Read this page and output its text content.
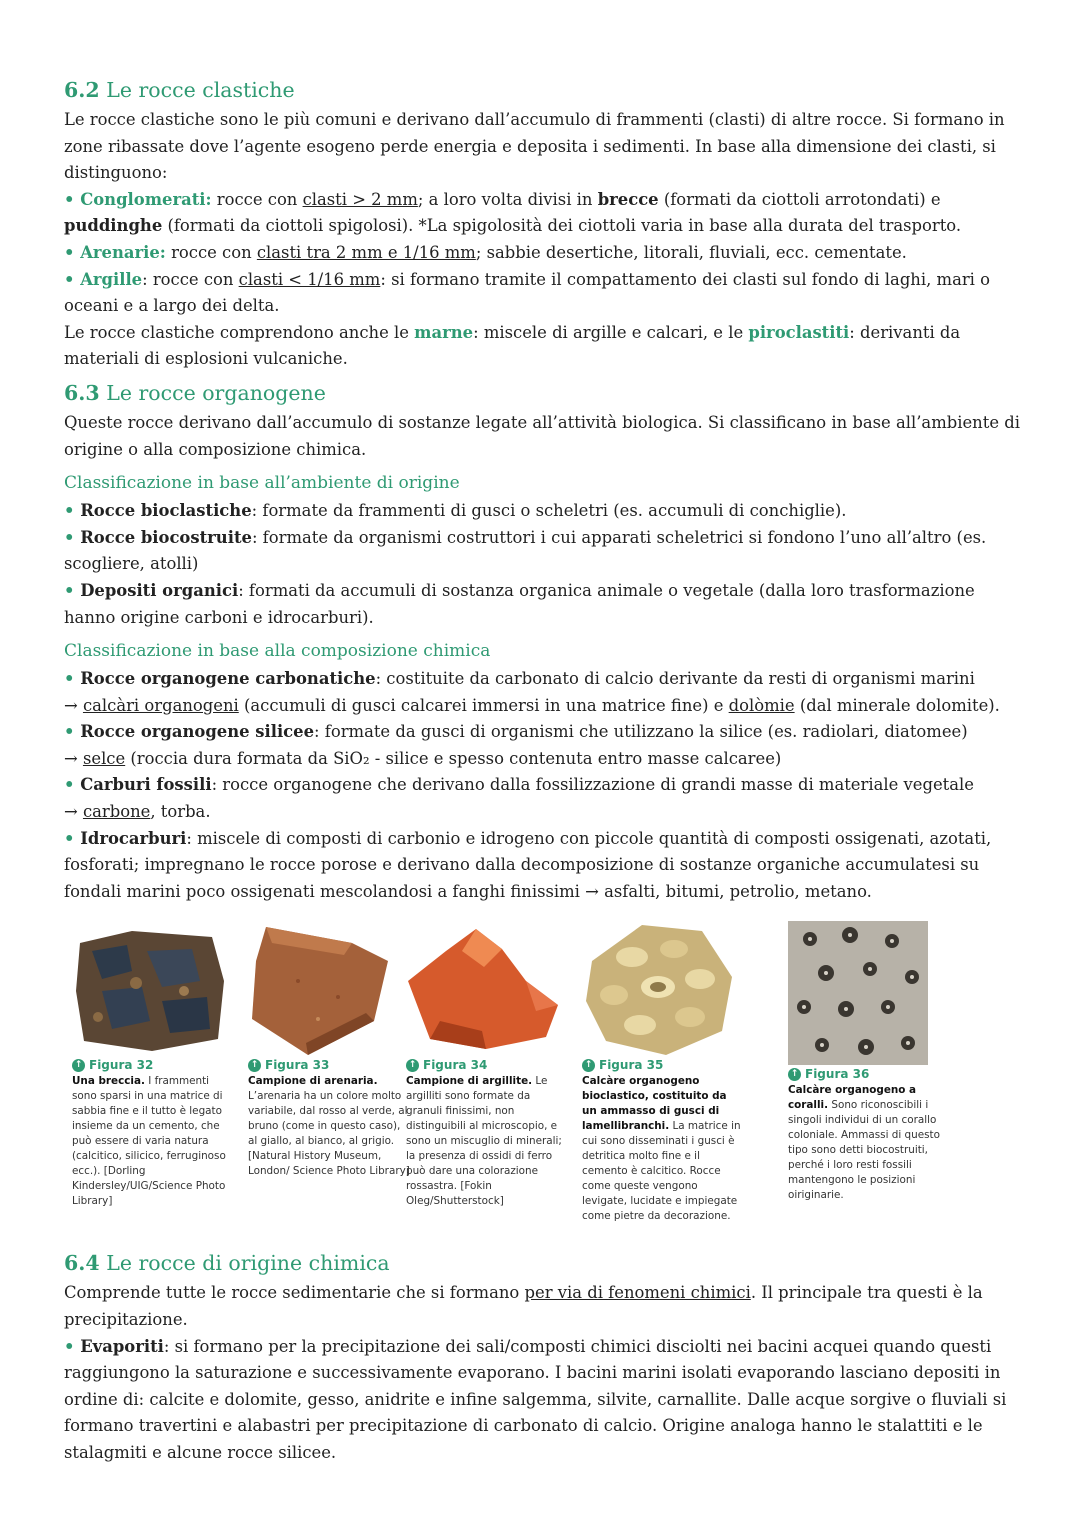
6.2 Le rocce clastiche

Le rocce clastiche sono le più comuni e derivano dall’accumulo di frammenti (clasti) di altre rocce. Si formano in zone ribassate dove l’agente esogeno perde energia e deposita i sedimenti. In base alla dimensione dei clasti, si distinguono:

• Conglomerati: rocce con clasti > 2 mm; a loro volta divisi in brecce (formati da ciottoli arrotondati) e puddinghe (formati da ciottoli spigolosi). *La spigolosità dei ciottoli varia in base alla durata del trasporto.

• Arenarie: rocce con clasti tra 2 mm e 1/16 mm; sabbie desertiche, litorali, fluviali, ecc. cementate.

• Argille: rocce con clasti < 1/16 mm: si formano tramite il compattamento dei clasti sul fondo di laghi, mari o oceani e a largo dei delta.

Le rocce clastiche comprendono anche le marne: miscele di argille e calcari, e le piroclastiti: derivanti da materiali di esplosioni vulcaniche.

6.3 Le rocce organogene

Queste rocce derivano dall’accumulo di sostanze legate all’attività biologica. Si classificano in base all’ambiente di origine o alla composizione chimica.

Classificazione in base all’ambiente di origine

• Rocce bioclastiche: formate da frammenti di gusci o scheletri (es. accumuli di conchiglie).

• Rocce biocostruite: formate da organismi costruttori i cui apparati scheletrici si fondono l’uno all’altro (es. scogliere, atolli)

• Depositi organici: formati da accumuli di sostanza organica animale o vegetale (dalla loro trasformazione hanno origine carboni e idrocarburi).

Classificazione in base alla composizione chimica

• Rocce organogene carbonatiche: costituite da carbonato di calcio derivante da resti di organismi marini
→ calcàri organogeni (accumuli di gusci calcarei immersi in una matrice fine) e dolòmie (dal minerale dolomite).

• Rocce organogene silicee: formate da gusci di organismi che utilizzano la silice (es. radiolari, diatomee)
→ selce (roccia dura formata da SiO₂ - silice e spesso contenuta entro masse calcaree)

• Carburi fossili: rocce organogene che derivano dalla fossilizzazione di grandi masse di materiale vegetale
→ carbone, torba.

• Idrocarburi: miscele di composti di carbonio e idrogeno con piccole quantità di composti ossigenati, azotati, fosforati; impregnano le rocce porose e derivano dalla decomposizione di sostanze organiche accumulatesi su fondali marini poco ossigenati mescolandosi a fanghi finissimi → asfalti, bitumi, petrolio, metano.

↑ Figura 32
Una breccia. I frammenti sono sparsi in una matrice di sabbia fine e il tutto è legato insieme da un cemento, che può essere di varia natura (calcitico, silicico, ferruginoso ecc.). [Dorling Kindersley/UIG/Science Photo Library]
↑ Figura 33
Campione di arenaria. L’arenaria ha un colore molto variabile, dal rosso al verde, al bruno (come in questo caso), al giallo, al bianco, al grigio. [Natural History Museum, London/ Science Photo Library]
↑ Figura 34
Campione di argillite. Le argilliti sono formate da granuli finissimi, non distinguibili al microscopio, e sono un miscuglio di minerali; la presenza di ossidi di ferro può dare una colorazione rossastra. [Fokin Oleg/Shutterstock]
↑ Figura 35
Calcàre organogeno bioclastico, costituito da un ammasso di gusci di lamellibranchi. La matrice in cui sono disseminati i gusci è detritica molto fine e il cemento è calcitico. Rocce come queste vengono levigate, lucidate e impiegate come pietre da decorazione.
↑ Figura 36
Calcàre organogeno a coralli. Sono riconoscibili i singoli individui di un corallo coloniale. Ammassi di questo tipo sono detti biocostruiti, perché i loro resti fossili mantengono le posizioni oiriginarie.
6.4 Le rocce di origine chimica

Comprende tutte le rocce sedimentarie che si formano per via di fenomeni chimici. Il principale tra questi è la precipitazione.

• Evaporiti: si formano per la precipitazione dei sali/composti chimici disciolti nei bacini acquei quando questi raggiungono la saturazione e successivamente evaporano. I bacini marini isolati evaporando lasciano depositi in ordine di: calcite e dolomite, gesso, anidrite e infine salgemma, silvite, carnallite. Dalle acque sorgive o fluviali si formano travertini e alabastri per precipitazione di carbonato di calcio. Origine analoga hanno le stalattiti e le stalagmiti e alcune rocce silicee.
